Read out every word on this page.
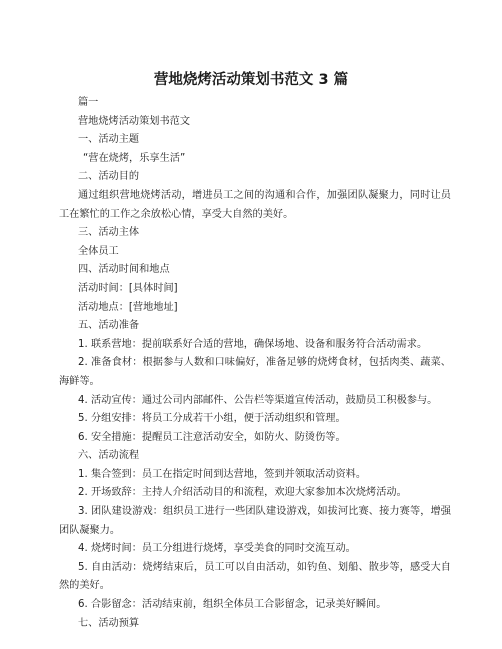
营地烧烤活动策划书范文 3 篇
篇一
营地烧烤活动策划书范文
一、活动主题
“营在烧烤，乐享生活”
二、活动目的
通过组织营地烧烤活动，增进员工之间的沟通和合作，加强团队凝聚力，同时让员工在繁忙的工作之余放松心情，享受大自然的美好。
三、活动主体
全体员工
四、活动时间和地点
活动时间：[具体时间]
活动地点：[营地地址]
五、活动准备
1. 联系营地：提前联系好合适的营地，确保场地、设备和服务符合活动需求。
2. 准备食材：根据参与人数和口味偏好，准备足够的烧烤食材，包括肉类、蔬菜、海鲜等。
4. 活动宣传：通过公司内部邮件、公告栏等渠道宣传活动，鼓励员工积极参与。
5. 分组安排：将员工分成若干小组，便于活动组织和管理。
6. 安全措施：提醒员工注意活动安全，如防火、防烫伤等。
六、活动流程
1. 集合签到：员工在指定时间到达营地，签到并领取活动资料。
2. 开场致辞：主持人介绍活动目的和流程，欢迎大家参加本次烧烤活动。
3. 团队建设游戏：组织员工进行一些团队建设游戏，如拔河比赛、接力赛等，增强团队凝聚力。
4. 烧烤时间：员工分组进行烧烤，享受美食的同时交流互动。
5. 自由活动：烧烤结束后，员工可以自由活动，如钓鱼、划船、散步等，感受大自然的美好。
6. 合影留念：活动结束前，组织全体员工合影留念，记录美好瞬间。
七、活动预算
